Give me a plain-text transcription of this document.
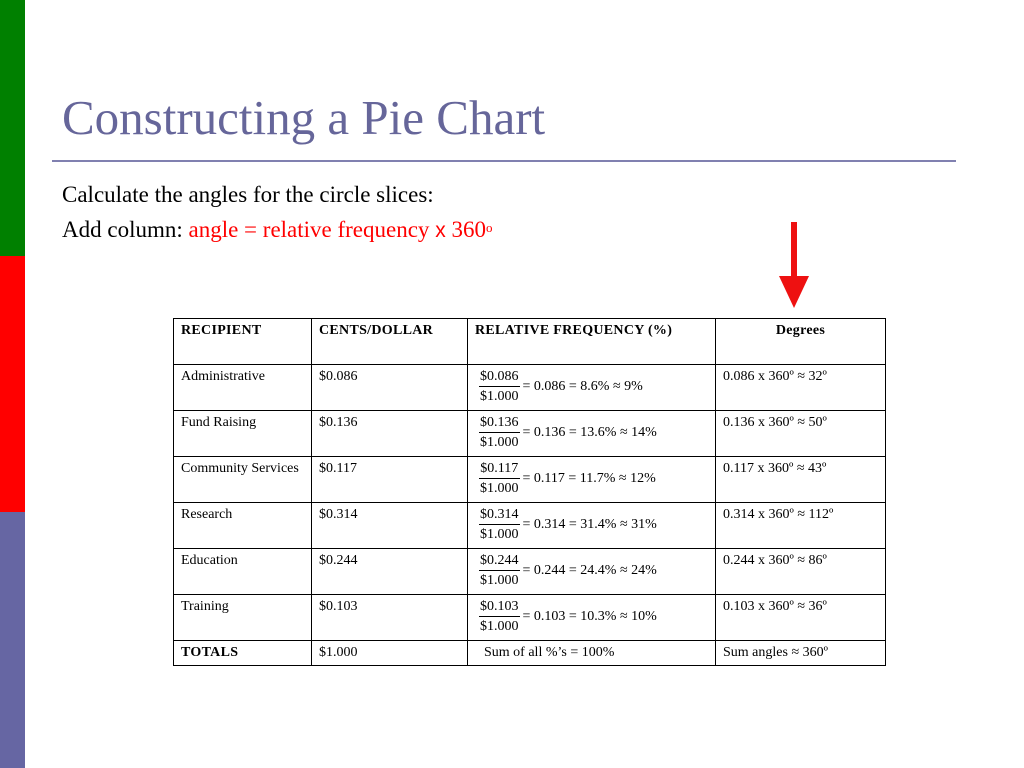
Constructing a Pie Chart
Calculate the angles for the circle slices:
Add column: angle = relative frequency x 360$^o$
RECIPIENT	CENTS/DOLLAR	RELATIVE FREQUENCY (%)	Degrees

Administrative	$0.086	$\frac{\$0.086}{\$1.000} = 0.086 = 8.6\% \approx 9\%$	0.086 x 360º ≈ 32º

Fund Raising	$0.136	$\frac{\$0.136}{\$1.000} = 0.136 = 13.6\% \approx 14\%$	0.136 x 360º ≈ 50º

Community Services	$0.117	$\frac{\$0.117}{\$1.000} = 0.117 = 11.7\% \approx 12\%$	0.117 x 360º ≈ 43º

Research	$0.314	$\frac{\$0.314}{\$1.000} = 0.314 = 31.4\% \approx 31\%$	0.314 x 360º ≈ 112º

Education	$0.244	$\frac{\$0.244}{\$1.000} = 0.244 = 24.4\% \approx 24\%$	0.244 x 360º ≈ 86º

Training	$0.103	$\frac{\$0.103}{\$1.000} = 0.103 = 10.3\% \approx 10\%$	0.103 x 360º ≈ 36º

TOTALS	$1.000	Sum of all %’s = 100%	Sum angles ≈ 360º
